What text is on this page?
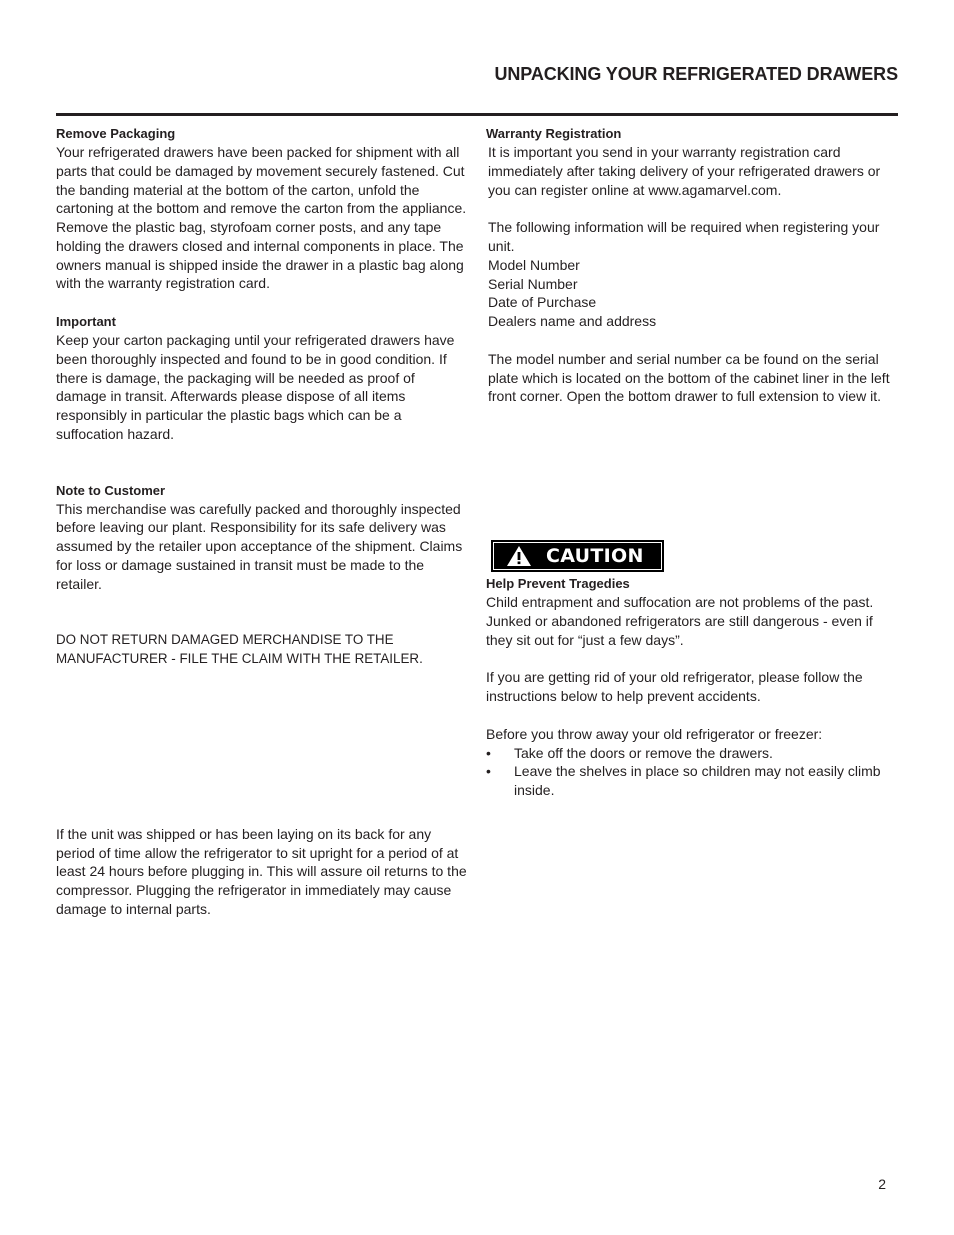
UNPACKING YOUR REFRIGERATED DRAWERS
Remove Packaging

Your refrigerated drawers have been packed for shipment with all parts that could be damaged by movement securely fastened. Cut the banding material at the bottom of the carton, unfold the cartoning at the bottom and remove the carton from the appliance. Remove the plastic bag, styrofoam corner posts, and any tape holding the drawers closed and internal components in place. The owners manual is shipped inside the drawer in a plastic bag along with the warranty registration card.

Important

Keep your carton packaging until your refrigerated drawers have been thoroughly inspected and found to be in good condition. If there is damage, the packaging will be needed as proof of damage in transit. Afterwards please dispose of all items responsibly in particular the plastic bags which can be a suffocation hazard.

Note to Customer

This merchandise was carefully packed and thoroughly inspected before leaving our plant. Responsibility for its safe delivery was assumed by the retailer upon acceptance of the shipment. Claims for loss or damage sustained in transit must be made to the retailer.

DO NOT RETURN DAMAGED MERCHANDISE TO THE MANUFACTURER - FILE THE CLAIM WITH THE RETAILER.

If the unit was shipped or has been laying on its back for any period of time allow the refrigerator to sit upright for a period of at least 24 hours before plugging in. This will assure oil returns to the compressor. Plugging the refrigerator in immediately may cause damage to internal parts.

Warranty Registration

It is important you send in your warranty registration card immediately after taking delivery of your refrigerated drawers or you can register online at www.agamarvel.com.

The following information will be required when registering your unit.

Model Number
Serial Number
Date of Purchase
Dealers name and address

The model number and serial number ca be found on the serial plate which is located on the bottom of the cabinet liner in the left front corner. Open the bottom drawer to full extension to view it.

Help Prevent Tragedies

Child entrapment and suffocation are not problems of the past. Junked or abandoned refrigerators are still dangerous - even if they sit out for “just a few days”.

If you are getting rid of your old refrigerator, please follow the instructions below to help prevent accidents.

Before you throw away your old refrigerator or freezer:

• Take off the doors or remove the drawers.
• Leave the shelves in place so children may not easily climb inside.
CAUTION
2
